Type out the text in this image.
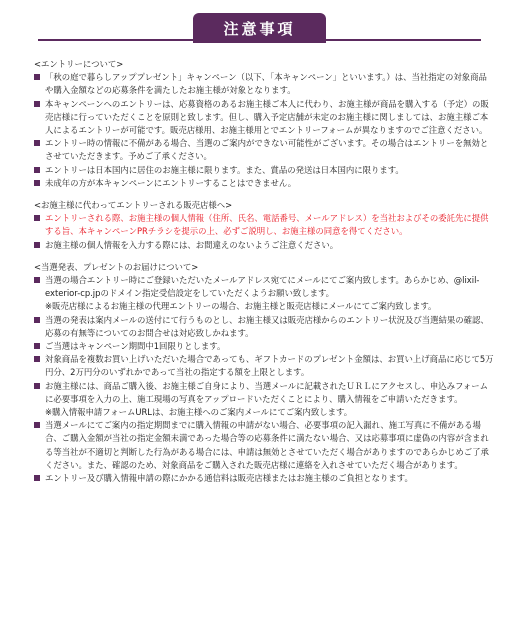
注意事項
<エントリーについて>
「秋の庭で暮らしアッププレゼント」キャンペーン（以下、「本キャンペーン」といいます。）は、当社指定の対象商品や購入金額などの応募条件を満たしたお施主様が対象となります。
本キャンペーンへのエントリーは、応募資格のあるお施主様ご本人に代わり、お施主様が商品を購入する（予定）の販売店様に行っていただくことを原則と致します。但し、購入予定店舗が未定のお施主様に関しましては、お施主様ご本人によるエントリーが可能です。販売店様用、お施主様用とでエントリーフォームが異なりますのでご注意ください。
エントリー時の情報に不備がある場合、当選のご案内ができない可能性がございます。その場合はエントリーを無効とさせていただきます。予めご了承ください。
エントリーは日本国内に居住のお施主様に限ります。また、賞品の発送は日本国内に限ります。
未成年の方が本キャンペーンにエントリーすることはできません。
<お施主様に代わってエントリーされる販売店様へ>
エントリーされる際、お施主様の個人情報（住所、氏名、電話番号、メールアドレス）を当社およびその委託先に提供する旨、本キャンペーンPRチラシを提示の上、必ずご説明し、お施主様の同意を得てください。
お施主様の個人情報を入力する際には、お間違えのないようご注意ください。
<当選発表、プレゼントのお届けについて>
当選の場合エントリー時にご登録いただいたメールアドレス宛てにメールにてご案内致します。あらかじめ、@lixil-exterior-cp.jpのドメイン指定受信設定をしていただくようお願い致します。
※販売店様によるお施主様の代理エントリーの場合、お施主様と販売店様にメールにてご案内致します。
当選の発表は案内メールの送付にて行うものとし、お施主様又は販売店様からのエントリー状況及び当選結果の確認、応募の有無等についてのお問合せは対応致しかねます。
ご当選はキャンペーン期間中1回限りとします。
対象商品を複数お買い上げいただいた場合であっても、ギフトカードのプレゼント金額は、お買い上げ商品に応じて5万円分、2万円分のいずれかであって当社の指定する額を上限とします。
お施主様には、商品ご購入後、お施主様ご自身により、当選メールに記載されたＵＲＬにアクセスし、申込みフォームに必要事項を入力の上、施工現場の写真をアップロードいただくことにより、購入情報をご申請いただきます。
※購入情報申請フォームURLは、お施主様へのご案内メールにてご案内致します。
当選メールにてご案内の指定期間までに購入情報の申請がない場合、必要事項の記入漏れ、施工写真に不備がある場合、ご購入金額が当社の指定金額未満であった場合等の応募条件に満たない場合、又は応募事項に虚偽の内容が含まれる等当社が不適切と判断した行為がある場合には、申請は無効とさせていただく場合がありますのであらかじめご了承ください。また、確認のため、対象商品をご購入された販売店様に連絡を入れさせていただく場合があります。
エントリー及び購入情報申請の際にかかる通信料は販売店様またはお施主様のご負担となります。
